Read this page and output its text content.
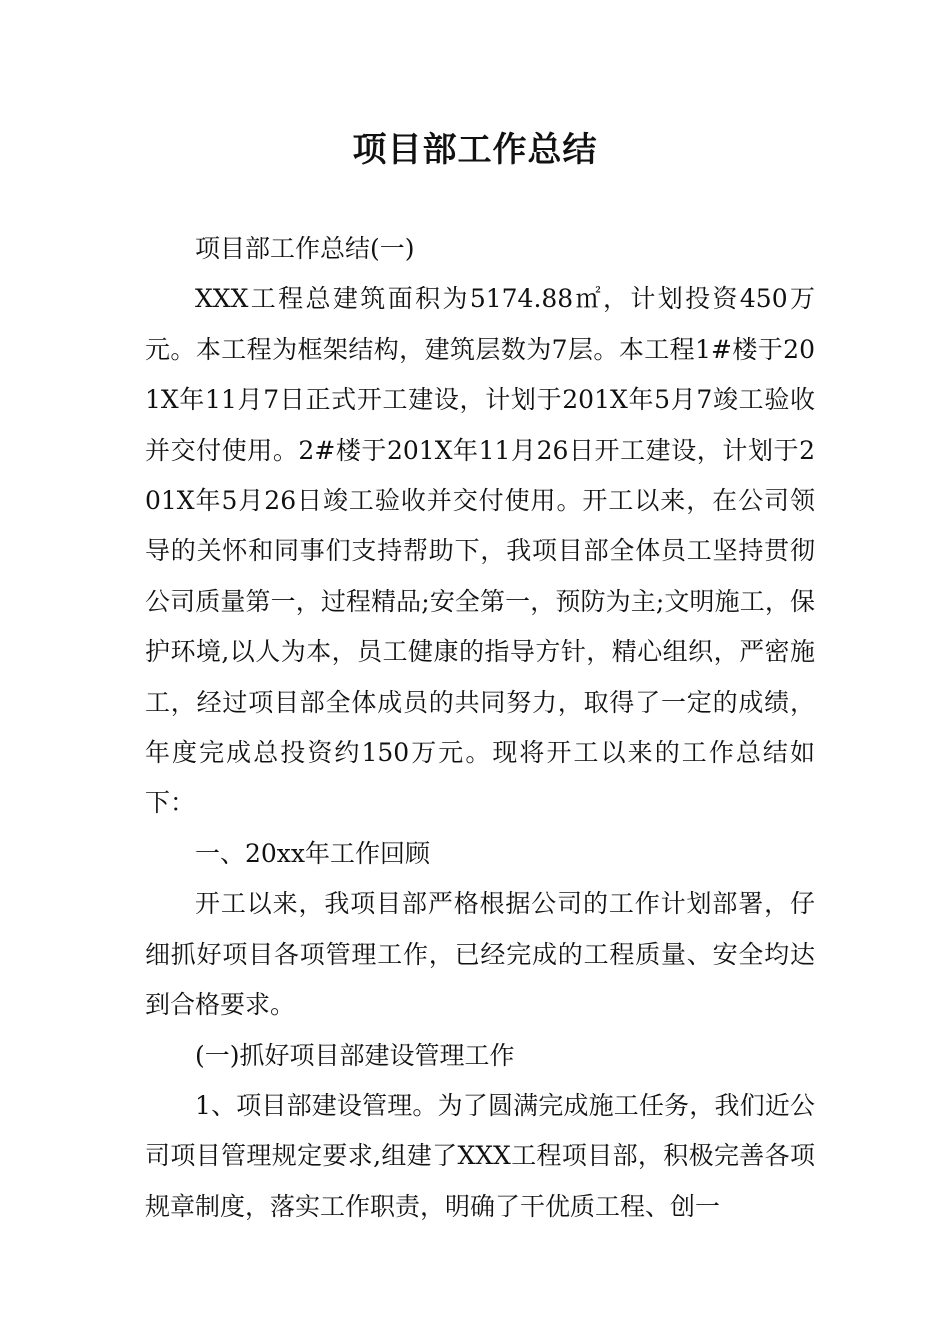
项目部工作总结

项目部工作总结(一)

XXX工程总建筑面积为5174.88㎡，计划投资450万元。本工程为框架结构，建筑层数为7层。本工程1#楼于201X年11月7日正式开工建设，计划于201X年5月7竣工验收并交付使用。2#楼于201X年11月26日开工建设，计划于201X年5月26日竣工验收并交付使用。开工以来，在公司领导的关怀和同事们支持帮助下，我项目部全体员工坚持贯彻公司质量第一，过程精品;安全第一，预防为主;文明施工，保护环境,以人为本，员工健康的指导方针，精心组织，严密施工，经过项目部全体成员的共同努力，取得了一定的成绩，年度完成总投资约150万元。现将开工以来的工作总结如下：

一、20xx年工作回顾

开工以来，我项目部严格根据公司的工作计划部署，仔细抓好项目各项管理工作，已经完成的工程质量、安全均达到合格要求。

(一)抓好项目部建设管理工作

1、项目部建设管理。为了圆满完成施工任务，我们近公司项目管理规定要求,组建了XXX工程项目部，积极完善各项规章制度，落实工作职责，明确了干优质工程、创一
